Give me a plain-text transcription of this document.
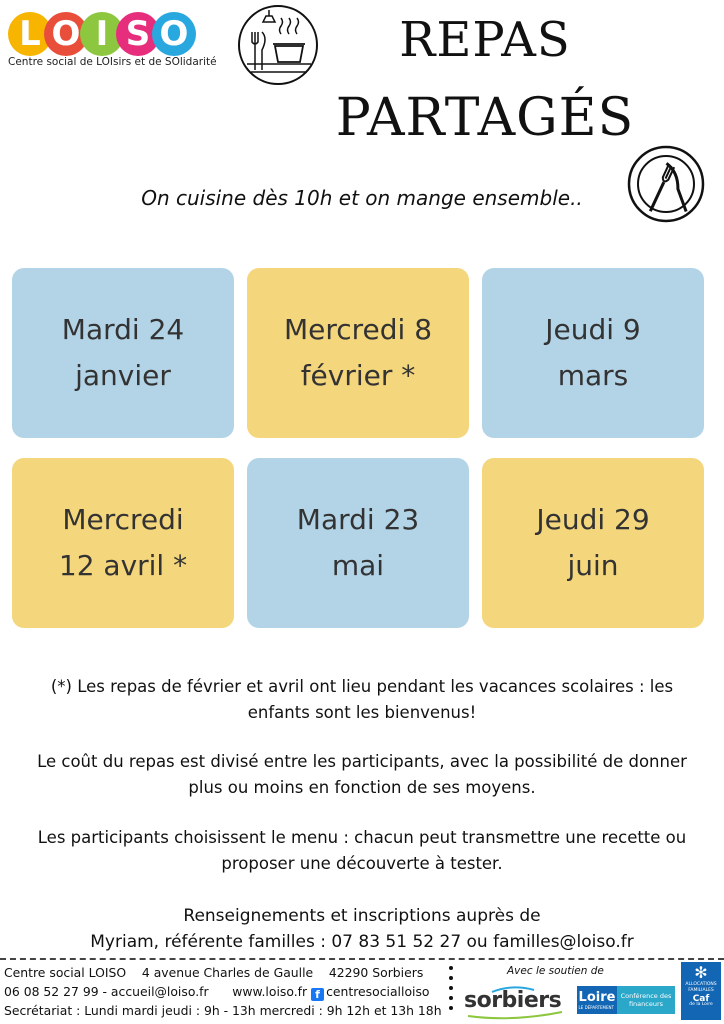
L O I S O
Centre social de LOIsirs et de SOlidarité	REPAS
PARTAGÉS
On cuisine dès 10h et on mange ensemble..
Mardi 24
janvier
Mercredi 8
février *
Jeudi 9
mars
Mercredi
12 avril *
Mardi 23
mai
Jeudi 29
juin
(*) Les repas de février et avril ont lieu pendant les vacances scolaires : les
enfants sont les bienvenus!
Le coût du repas est divisé entre les participants, avec la possibilité de donner
plus ou moins en fonction de ses moyens.
Les participants choisissent le menu : chacun peut transmettre une recette ou
proposer une découverte à tester.
Renseignements et inscriptions auprès de
Myriam, référente familles : 07 83 51 52 27 ou familles@loiso.fr
Centre social LOISO    4 avenue Charles de Gaulle    42290 Sorbiers
06 08 52 27 99 - accueil@loiso.fr www.loiso.fr f centresocialloiso
Secrétariat : Lundi mardi jeudi : 9h - 13h mercredi : 9h 12h et 13h 18h
Avec le soutien de
sorbiers Loire
LE DÉPARTEMENT
Conférence des financeurs
✻
ALLOCATIONS FAMILIALES
Caf
de la Loire
